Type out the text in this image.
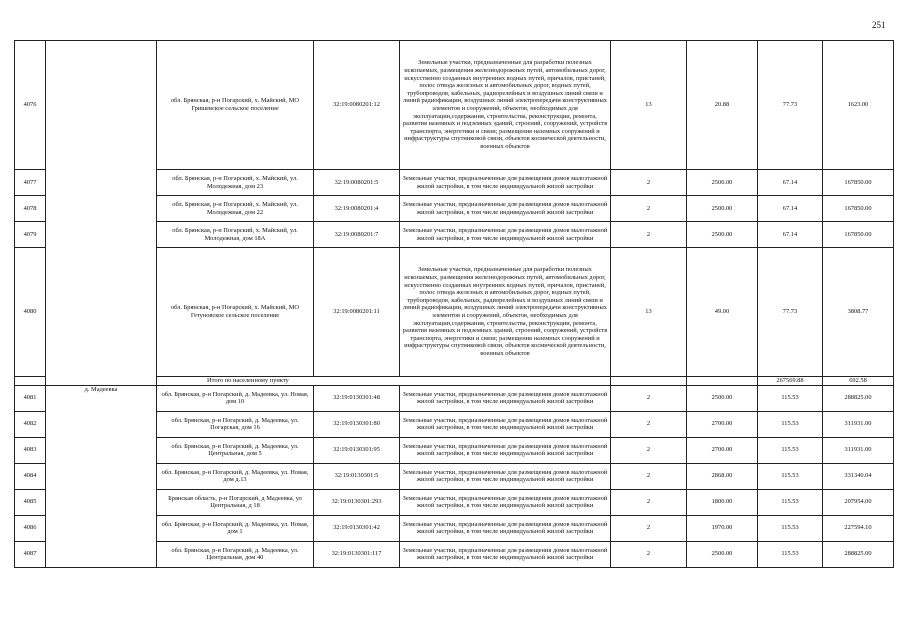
251
4076		обл. Брянская, р-н Погарский, х. Майский, МО Гришевское сельское поселение	32:19:0080201:12	Земельные участки, предназначенные для разработки полезных ископаемых, размещения железнодорожных путей, автомобильных дорог, искусственно созданных внутренних водных путей, причалов, пристаней, полос отвода железных и автомобильных дорог, водных путей, трубопроводов, кабельных, радиорелейных и воздушных линий связи и линий радиофикации, воздушных линий электропередачи конструктивных элементов и сооружений, объектов, необходимых для эксплуатации,содержания, строительства, реконструкции, ремонта, развития наземных и подземных зданий, строений, сооружений, устройств транспорта, энергетики и связи; размещения наземных сооружений и инфраструктуры спутниковой связи, объектов космической деятельности, военных объектов	13	20.88	77.73	1623.00	
4077		обл. Брянская, р-н Погарский, х. Майский, ул. Молодежная, дом 23	32:19:0080201:5	Земельные участки, предназначенные для размещения домов малоэтажной жилой застройки, в том числе индивидуальной жилой застройки	2	2500.00	67.14	167850.00	
4078		обл. Брянская, р-н Погарский, х. Майский, ул. Молодежная, дом 22	32:19:0080201:4	Земельные участки, предназначенные для размещения домов малоэтажной жилой застройки, в том числе индивидуальной жилой застройки	2	2500.00	67.14	167850.00	
4079		обл. Брянская, р-н Погарский, х. Майский, ул. Молодежная, дом 18А	32:19:0080201:7	Земельные участки, предназначенные для размещения домов малоэтажной жилой застройки, в том числе индивидуальной жилой застройки	2	2500.00	67.14	167850.00	
4080		обл. Брянская, р-н Погарский, х. Майский, МО Гетуновское сельское поселение	32:19:0080201:11	Земельные участки, предназначенные для разработки полезных ископаемых, размещения железнодорожных путей, автомобильных дорог, искусственно созданных внутренних водных путей, причалов, пристаней, полос отвода железных и автомобильных дорог, водных путей, трубопроводов, кабельных, радиорелейных и воздушных линий связи и линий радиофикации, воздушных линий электропередачи конструктивных элементов и сооружений, объектов, необходимых для эксплуатации,содержания, строительства, реконструкции, ремонта, развития наземных и подземных зданий, строений, сооружений, устройств транспорта, энергетики и связи; размещения наземных сооружений и инфраструктуры спутниковой связи, объектов космической деятельности, военных объектов	13	49.00	77.73	3808.77	
		Итого по населенному пункту					267569.88	692.58	
4081	д. Мадеевка	обл. Брянская, р-н Погарский, д. Мадеевка, ул. Новая, дом 10	32:19:0130301:48	Земельные участки, предназначенные для размещения домов малоэтажной жилой застройки, в том числе индивидуальной жилой застройки	2	2500.00	115.53	288825.00	
4082		обл. Брянская, р-н Погарский, д. Мадеевка, ул. Погарская, дом 16	32:19:0130301:80	Земельные участки, предназначенные для размещения домов малоэтажной жилой застройки, в том числе индивидуальной жилой застройки	2	2700.00	115.53	311931.00	
4083		обл. Брянская, р-н Погарский, д. Мадеевка, ул. Центральная, дом 5	32:19:0130301:95	Земельные участки, предназначенные для размещения домов малоэтажной жилой застройки, в том числе индивидуальной жилой застройки	2	2700.00	115.53	311931.00	
4084		обл. Брянская, р-н Погарский, д. Мадеевка, ул. Новая, дом д.13	32:19:0130301:5	Земельные участки, предназначенные для размещения домов малоэтажной жилой застройки, в том числе индивидуальной жилой застройки	2	2868.00	115.53	331340.04	
4085		Брянская область, р-н Погарский, д Мадеевка, ул Центральная, д 18	32:19:0130301:293	Земельные участки, предназначенные для размещения домов малоэтажной жилой застройки, в том числе индивидуальной жилой застройки	2	1800.00	115.53	207954.00	
4086		обл. Брянская, р-н Погарский, д. Мадеевка, ул. Новая, дом 1	32:19:0130301:42	Земельные участки, предназначенные для размещения домов малоэтажной жилой застройки, в том числе индивидуальной жилой застройки	2	1970.00	115.53	227594.10	
4087		обл. Брянская, р-н Погарский, д. Мадеевка, ул. Центральная, дом 40	32:19:0130301:117	Земельные участки, предназначенные для размещения домов малоэтажной жилой застройки, в том числе индивидуальной жилой застройки	2	2500.00	115.53	288825.00	
